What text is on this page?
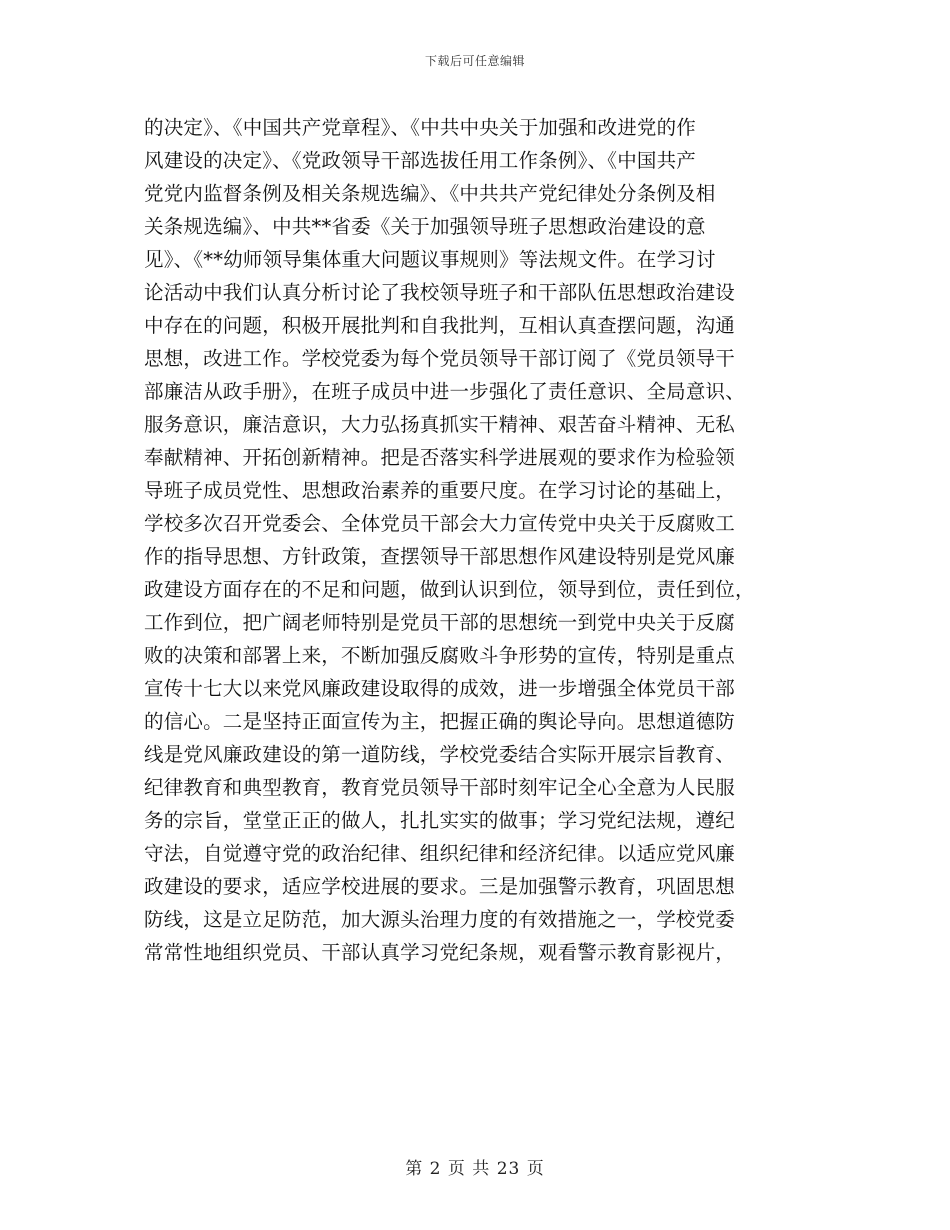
下载后可任意编辑
的决定》、《中国共产党章程》、《中共中央关于加强和改进党的作
风建设的决定》、《党政领导干部选拔任用工作条例》、《中国共产
党党内监督条例及相关条规选编》、《中共共产党纪律处分条例及相
关条规选编》、中共**省委《关于加强领导班子思想政治建设的意
见》、《**幼师领导集体重大问题议事规则》等法规文件。在学习讨
论活动中我们认真分析讨论了我校领导班子和干部队伍思想政治建设
中存在的问题，积极开展批判和自我批判，互相认真查摆问题，沟通
思想，改进工作。学校党委为每个党员领导干部订阅了《党员领导干
部廉洁从政手册》，在班子成员中进一步强化了责任意识、全局意识、
服务意识，廉洁意识，大力弘扬真抓实干精神、艰苦奋斗精神、无私
奉献精神、开拓创新精神。把是否落实科学进展观的要求作为检验领
导班子成员党性、思想政治素养的重要尺度。在学习讨论的基础上，
学校多次召开党委会、全体党员干部会大力宣传党中央关于反腐败工
作的指导思想、方针政策，查摆领导干部思想作风建设特别是党风廉
政建设方面存在的不足和问题，做到认识到位，领导到位，责任到位，
工作到位，把广阔老师特别是党员干部的思想统一到党中央关于反腐
败的决策和部署上来，不断加强反腐败斗争形势的宣传，特别是重点
宣传十七大以来党风廉政建设取得的成效，进一步增强全体党员干部
的信心。二是坚持正面宣传为主，把握正确的舆论导向。思想道德防
线是党风廉政建设的第一道防线，学校党委结合实际开展宗旨教育、
纪律教育和典型教育，教育党员领导干部时刻牢记全心全意为人民服
务的宗旨，堂堂正正的做人，扎扎实实的做事；学习党纪法规，遵纪
守法，自觉遵守党的政治纪律、组织纪律和经济纪律。以适应党风廉
政建设的要求，适应学校进展的要求。三是加强警示教育，巩固思想
防线，这是立足防范，加大源头治理力度的有效措施之一，学校党委
常常性地组织党员、干部认真学习党纪条规，观看警示教育影视片，
第 2 页 共 23 页
